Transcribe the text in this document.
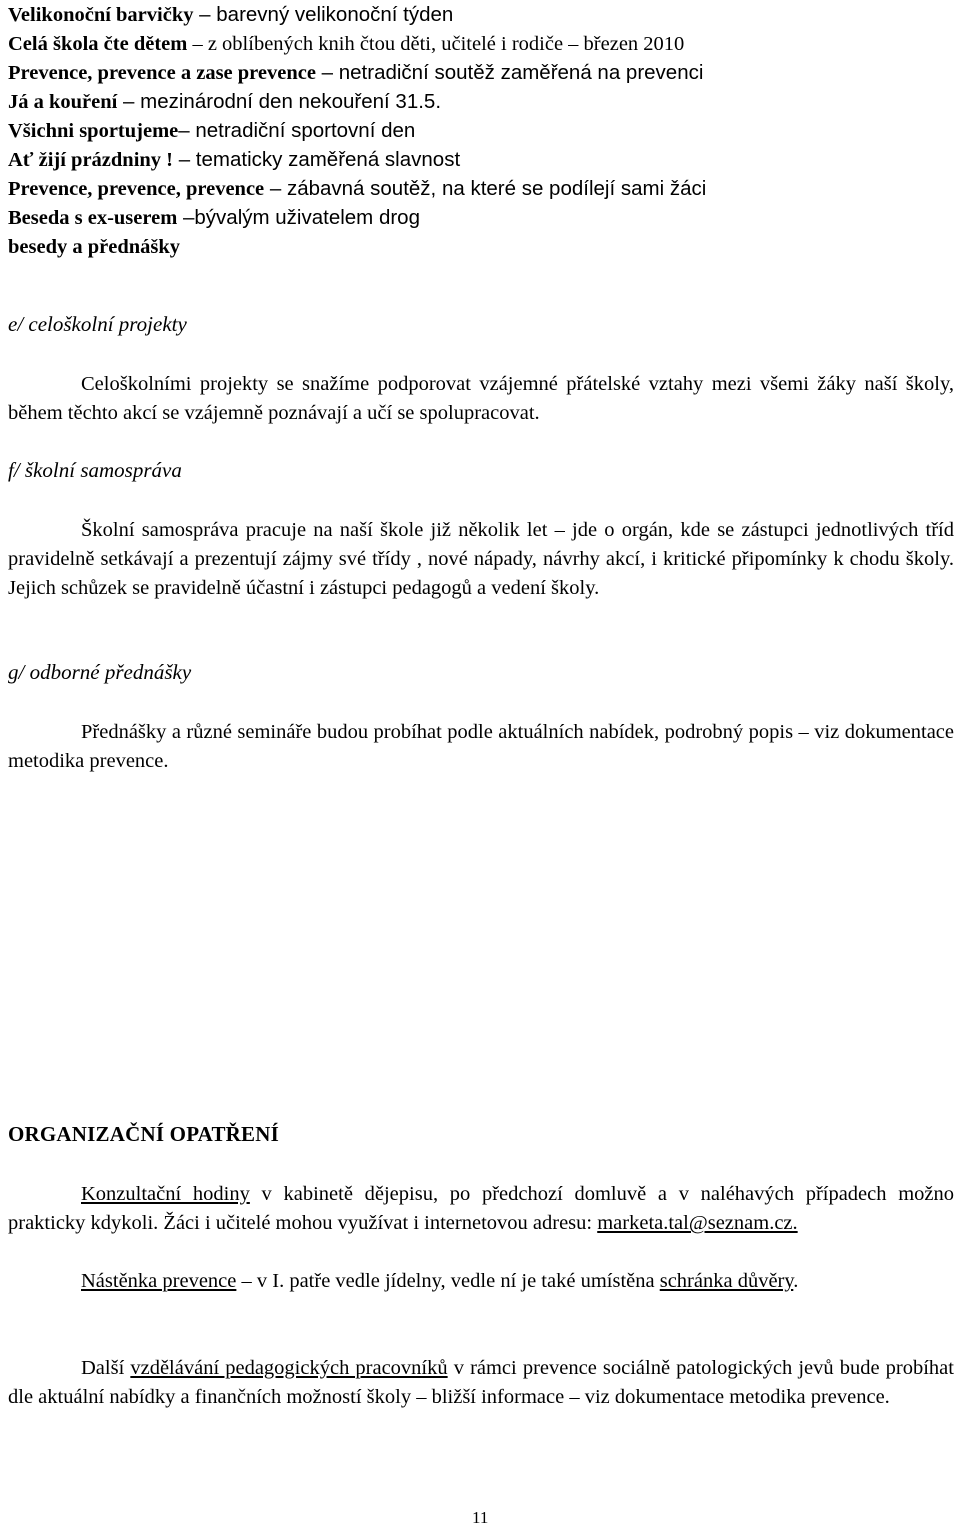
Velikonoční barvičky – barevný velikonoční týden
Celá škola čte dětem – z oblíbených knih čtou děti, učitelé i rodiče – březen 2010
Prevence, prevence a zase prevence – netradiční soutěž zaměřená na prevenci
Já a kouření – mezinárodní den nekouření 31.5.
Všichni sportujeme– netradiční sportovní den
Ať žijí prázdniny ! – tematicky zaměřená slavnost
Prevence, prevence, prevence – zábavná soutěž, na které se podílejí sami žáci
Beseda s ex-userem –bývalým uživatelem drog
besedy a přednášky
e/ celoškolní projekty
Celoškolními projekty se snažíme podporovat vzájemné přátelské vztahy mezi všemi žáky naší školy, během těchto akcí se vzájemně poznávají a učí se spolupracovat.
f/ školní samospráva
Školní samospráva pracuje na naší škole již několik let – jde o orgán, kde se zástupci jednotlivých tříd pravidelně setkávají a prezentují zájmy své třídy , nové nápady, návrhy akcí, i kritické připomínky k chodu školy. Jejich schůzek se pravidelně účastní i zástupci pedagogů a vedení školy.
g/ odborné přednášky
Přednášky a různé semináře budou probíhat podle aktuálních nabídek, podrobný popis – viz dokumentace metodika prevence.
ORGANIZAČNÍ OPATŘENÍ
Konzultační hodiny v kabinetě dějepisu, po předchozí domluvě a v naléhavých případech možno prakticky kdykoli. Žáci i učitelé mohou využívat i internetovou adresu: marketa.tal@seznam.cz.
Nástěnka prevence – v I. patře vedle jídelny, vedle ní je také umístěna schránka důvěry.
Další vzdělávání pedagogických pracovníků v rámci prevence sociálně patologických jevů bude probíhat dle aktuální nabídky a finančních možností školy – bližší informace – viz dokumentace metodika prevence.
11
